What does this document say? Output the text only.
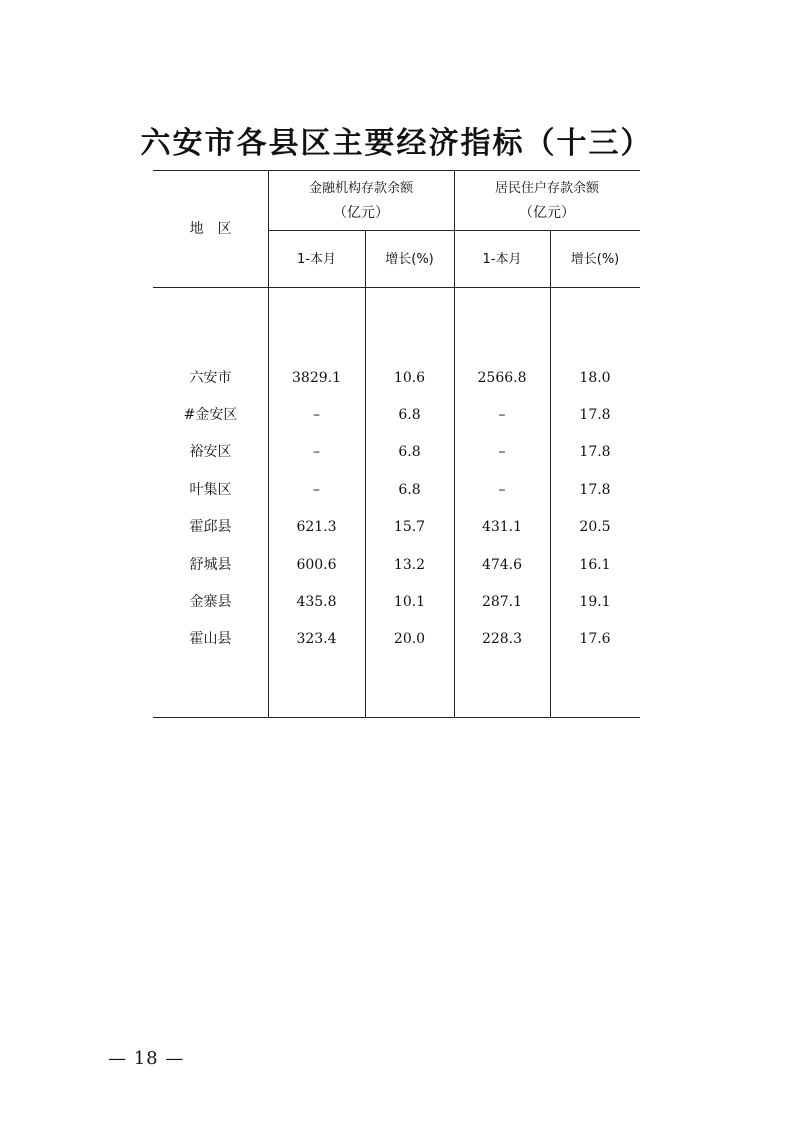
六安市各县区主要经济指标（十三）
地　区
金融机构存款余额
（亿元）
居民住户存款余额
（亿元）
1-本月	增长(%)	1-本月	增长(%)
六安市	3829.1	10.6	2566.8	18.0
#金安区	–	6.8	–	17.8
裕安区	–	6.8	–	17.8
叶集区	–	6.8	–	17.8
霍邱县	621.3	15.7	431.1	20.5
舒城县	600.6	13.2	474.6	16.1
金寨县	435.8	10.1	287.1	19.1
霍山县	323.4	20.0	228.3	17.6
— 18 —
